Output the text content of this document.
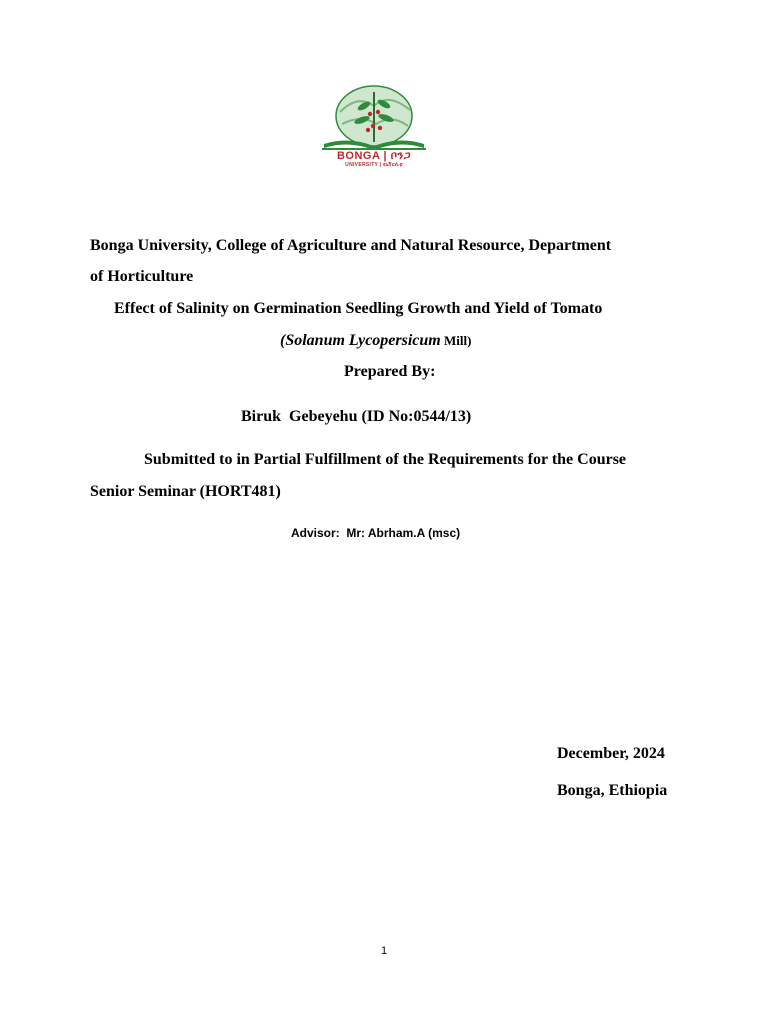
BONGA | ቦንጋ
UNIVERSITY | ዩኒቨርሲቲ
Bonga University, College of Agriculture and Natural Resource, Department
of Horticulture
Effect of Salinity on Germination Seedling Growth and Yield of Tomato
(Solanum Lycopersicum Mill)
Prepared By:
Biruk  Gebeyehu (ID No:0544/13)
Submitted to in Partial Fulfillment of the Requirements for the Course
Senior Seminar (HORT481)
Advisor:  Mr: Abrham.A (msc)
December, 2024
Bonga, Ethiopia
1
